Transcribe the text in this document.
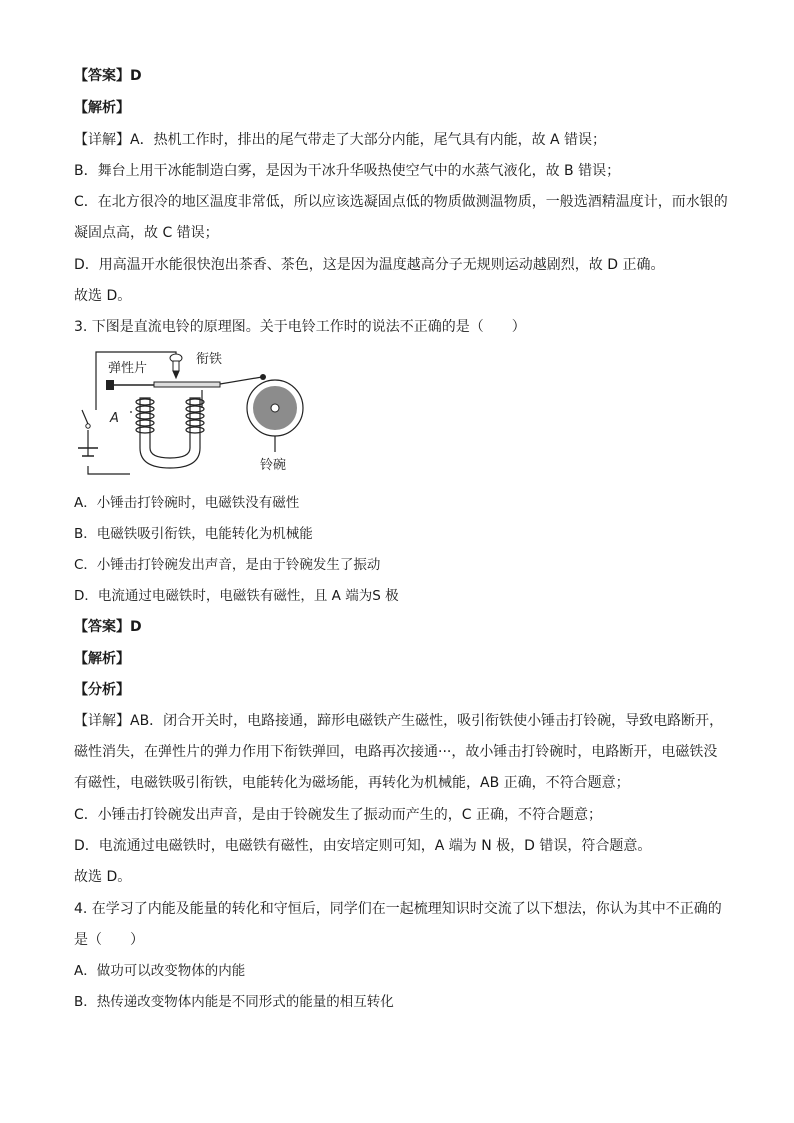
【答案】D
【解析】
【详解】A．热机工作时，排出的尾气带走了大部分内能，尾气具有内能，故 A 错误；
B．舞台上用干冰能制造白雾，是因为干冰升华吸热使空气中的水蒸气液化，故 B 错误；
C．在北方很冷的地区温度非常低，所以应该选凝固点低的物质做测温物质，一般选酒精温度计，而水银的
凝固点高，故 C 错误；
D．用高温开水能很快泡出茶香、茶色，这是因为温度越高分子无规则运动越剧烈，故 D 正确。
故选 D。
3. 下图是直流电铃的原理图。关于电铃工作时的说法不正确的是（　　）
弹性片
衔铁
A
铃碗
A．小锤击打铃碗时，电磁铁没有磁性
B．电磁铁吸引衔铁，电能转化为机械能
C．小锤击打铃碗发出声音，是由于铃碗发生了振动
D．电流通过电磁铁时，电磁铁有磁性，且 A 端为S 极
【答案】D
【解析】
【分析】
【详解】AB．闭合开关时，电路接通，蹄形电磁铁产生磁性，吸引衔铁使小锤击打铃碗，导致电路断开，
磁性消失，在弹性片的弹力作用下衔铁弹回，电路再次接通···，故小锤击打铃碗时，电路断开，电磁铁没
有磁性，电磁铁吸引衔铁，电能转化为磁场能，再转化为机械能，AB 正确，不符合题意；
C．小锤击打铃碗发出声音，是由于铃碗发生了振动而产生的，C 正确，不符合题意；
D．电流通过电磁铁时，电磁铁有磁性，由安培定则可知，A 端为 N 极，D 错误，符合题意。
故选 D。
4. 在学习了内能及能量的转化和守恒后，同学们在一起梳理知识时交流了以下想法，你认为其中不正确的
是（　　）
A．做功可以改变物体的内能
B．热传递改变物体内能是不同形式的能量的相互转化
